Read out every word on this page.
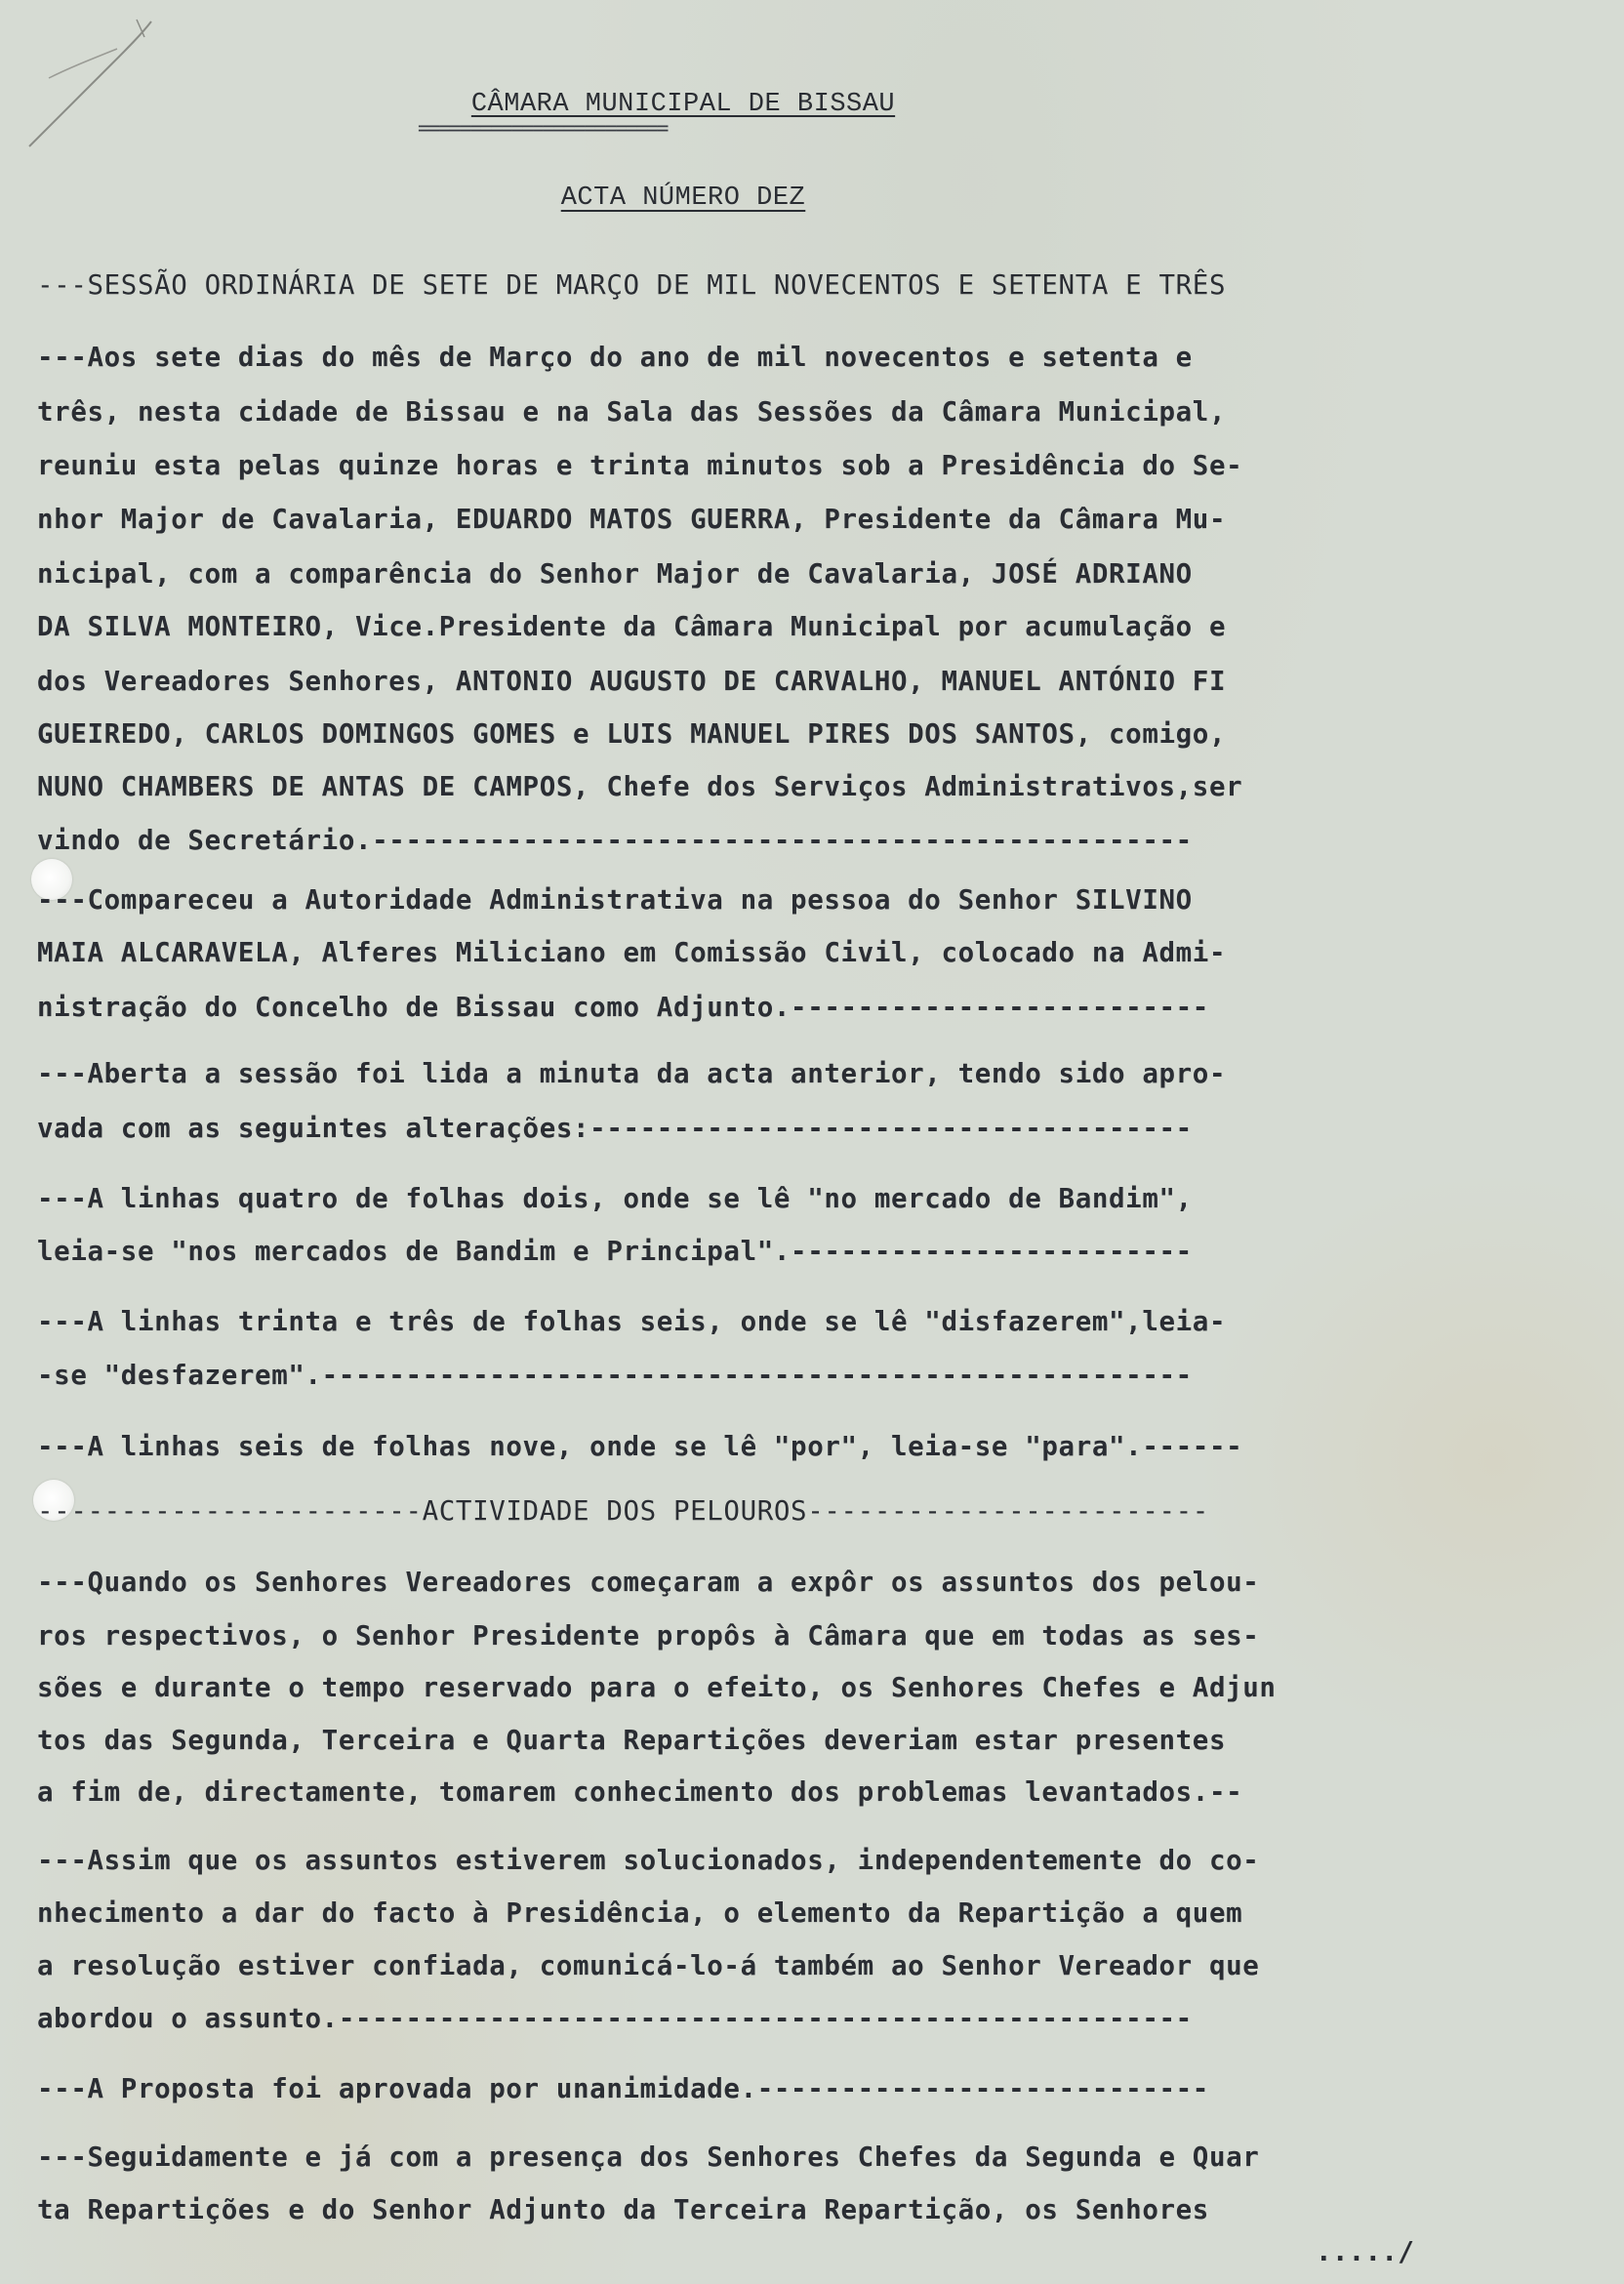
CÂMARA MUNICIPAL DE BISSAU
========================
ACTA NÚMERO DEZ
---SESSÃO ORDINÁRIA DE SETE DE MARÇO DE MIL NOVECENTOS E SETENTA E TRÊS
---Aos sete dias do mês de Março do ano de mil novecentos e setenta e
três, nesta cidade de Bissau e na Sala das Sessões da Câmara Municipal,
reuniu esta pelas quinze horas e trinta minutos sob a Presidência do Se-
nhor Major de Cavalaria, EDUARDO MATOS GUERRA, Presidente da Câmara Mu-
nicipal, com a comparência do Senhor Major de Cavalaria, JOSÉ ADRIANO
DA SILVA MONTEIRO, Vice.Presidente da Câmara Municipal por acumulação e
dos Vereadores Senhores, ANTONIO AUGUSTO DE CARVALHO, MANUEL ANTÓNIO FI
GUEIREDO, CARLOS DOMINGOS GOMES e LUIS MANUEL PIRES DOS SANTOS, comigo,
NUNO CHAMBERS DE ANTAS DE CAMPOS, Chefe dos Serviços Administrativos,ser
vindo de Secretário.-------------------------------------------------
---Compareceu a Autoridade Administrativa na pessoa do Senhor SILVINO
MAIA ALCARAVELA, Alferes Miliciano em Comissão Civil, colocado na Admi-
nistração do Concelho de Bissau como Adjunto.-------------------------
---Aberta a sessão foi lida a minuta da acta anterior, tendo sido apro-
vada com as seguintes alterações:------------------------------------
---A linhas quatro de folhas dois, onde se lê "no mercado de Bandim",
leia-se "nos mercados de Bandim e Principal".------------------------
---A linhas trinta e três de folhas seis, onde se lê "disfazerem",leia-
-se "desfazerem".----------------------------------------------------
---A linhas seis de folhas nove, onde se lê "por", leia-se "para".------
-----------------------ACTIVIDADE DOS PELOUROS------------------------
---Quando os Senhores Vereadores começaram a expôr os assuntos dos pelou-
ros respectivos, o Senhor Presidente propôs à Câmara que em todas as ses-
sões e durante o tempo reservado para o efeito, os Senhores Chefes e Adjun
tos das Segunda, Terceira e Quarta Repartições deveriam estar presentes
a fim de, directamente, tomarem conhecimento dos problemas levantados.--
---Assim que os assuntos estiverem solucionados, independentemente do co-
nhecimento a dar do facto à Presidência, o elemento da Repartição a quem
a resolução estiver confiada, comunicá-lo-á também ao Senhor Vereador que
abordou o assunto.---------------------------------------------------
---A Proposta foi aprovada por unanimidade.---------------------------
---Seguidamente e já com a presença dos Senhores Chefes da Segunda e Quar
ta Repartições e do Senhor Adjunto da Terceira Repartição, os Senhores
...../
